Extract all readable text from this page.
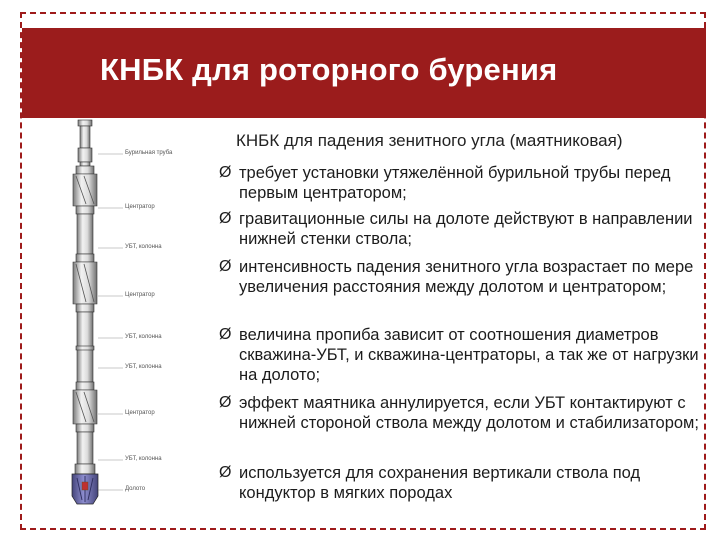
КНБК для роторного бурения
КНБК для падения зенитного угла (маятниковая)
Ø требует установки утяжелённой бурильной трубы перед первым центратором;
Ø гравитационные силы на долоте действуют в направлении нижней стенки ствола;
Ø интенсивность падения зенитного угла возрастает по мере увеличения расстояния между долотом и центратором;
Ø величина пропиба зависит от соотношения диаметров скважина-УБТ, и скважина-центраторы, а так же от нагрузки на долото;
Ø эффект маятника аннулируется, если УБТ контактируют с нижней стороной ствола между долотом и стабилизатором;
Ø используется для сохранения вертикали ствола под кондуктор в мягких породах
Бурильная труба
Центратор
УБТ, колонна
Центратор
УБТ, колонна
УБТ, колонна
Центратор
УБТ, колонна
Долото
